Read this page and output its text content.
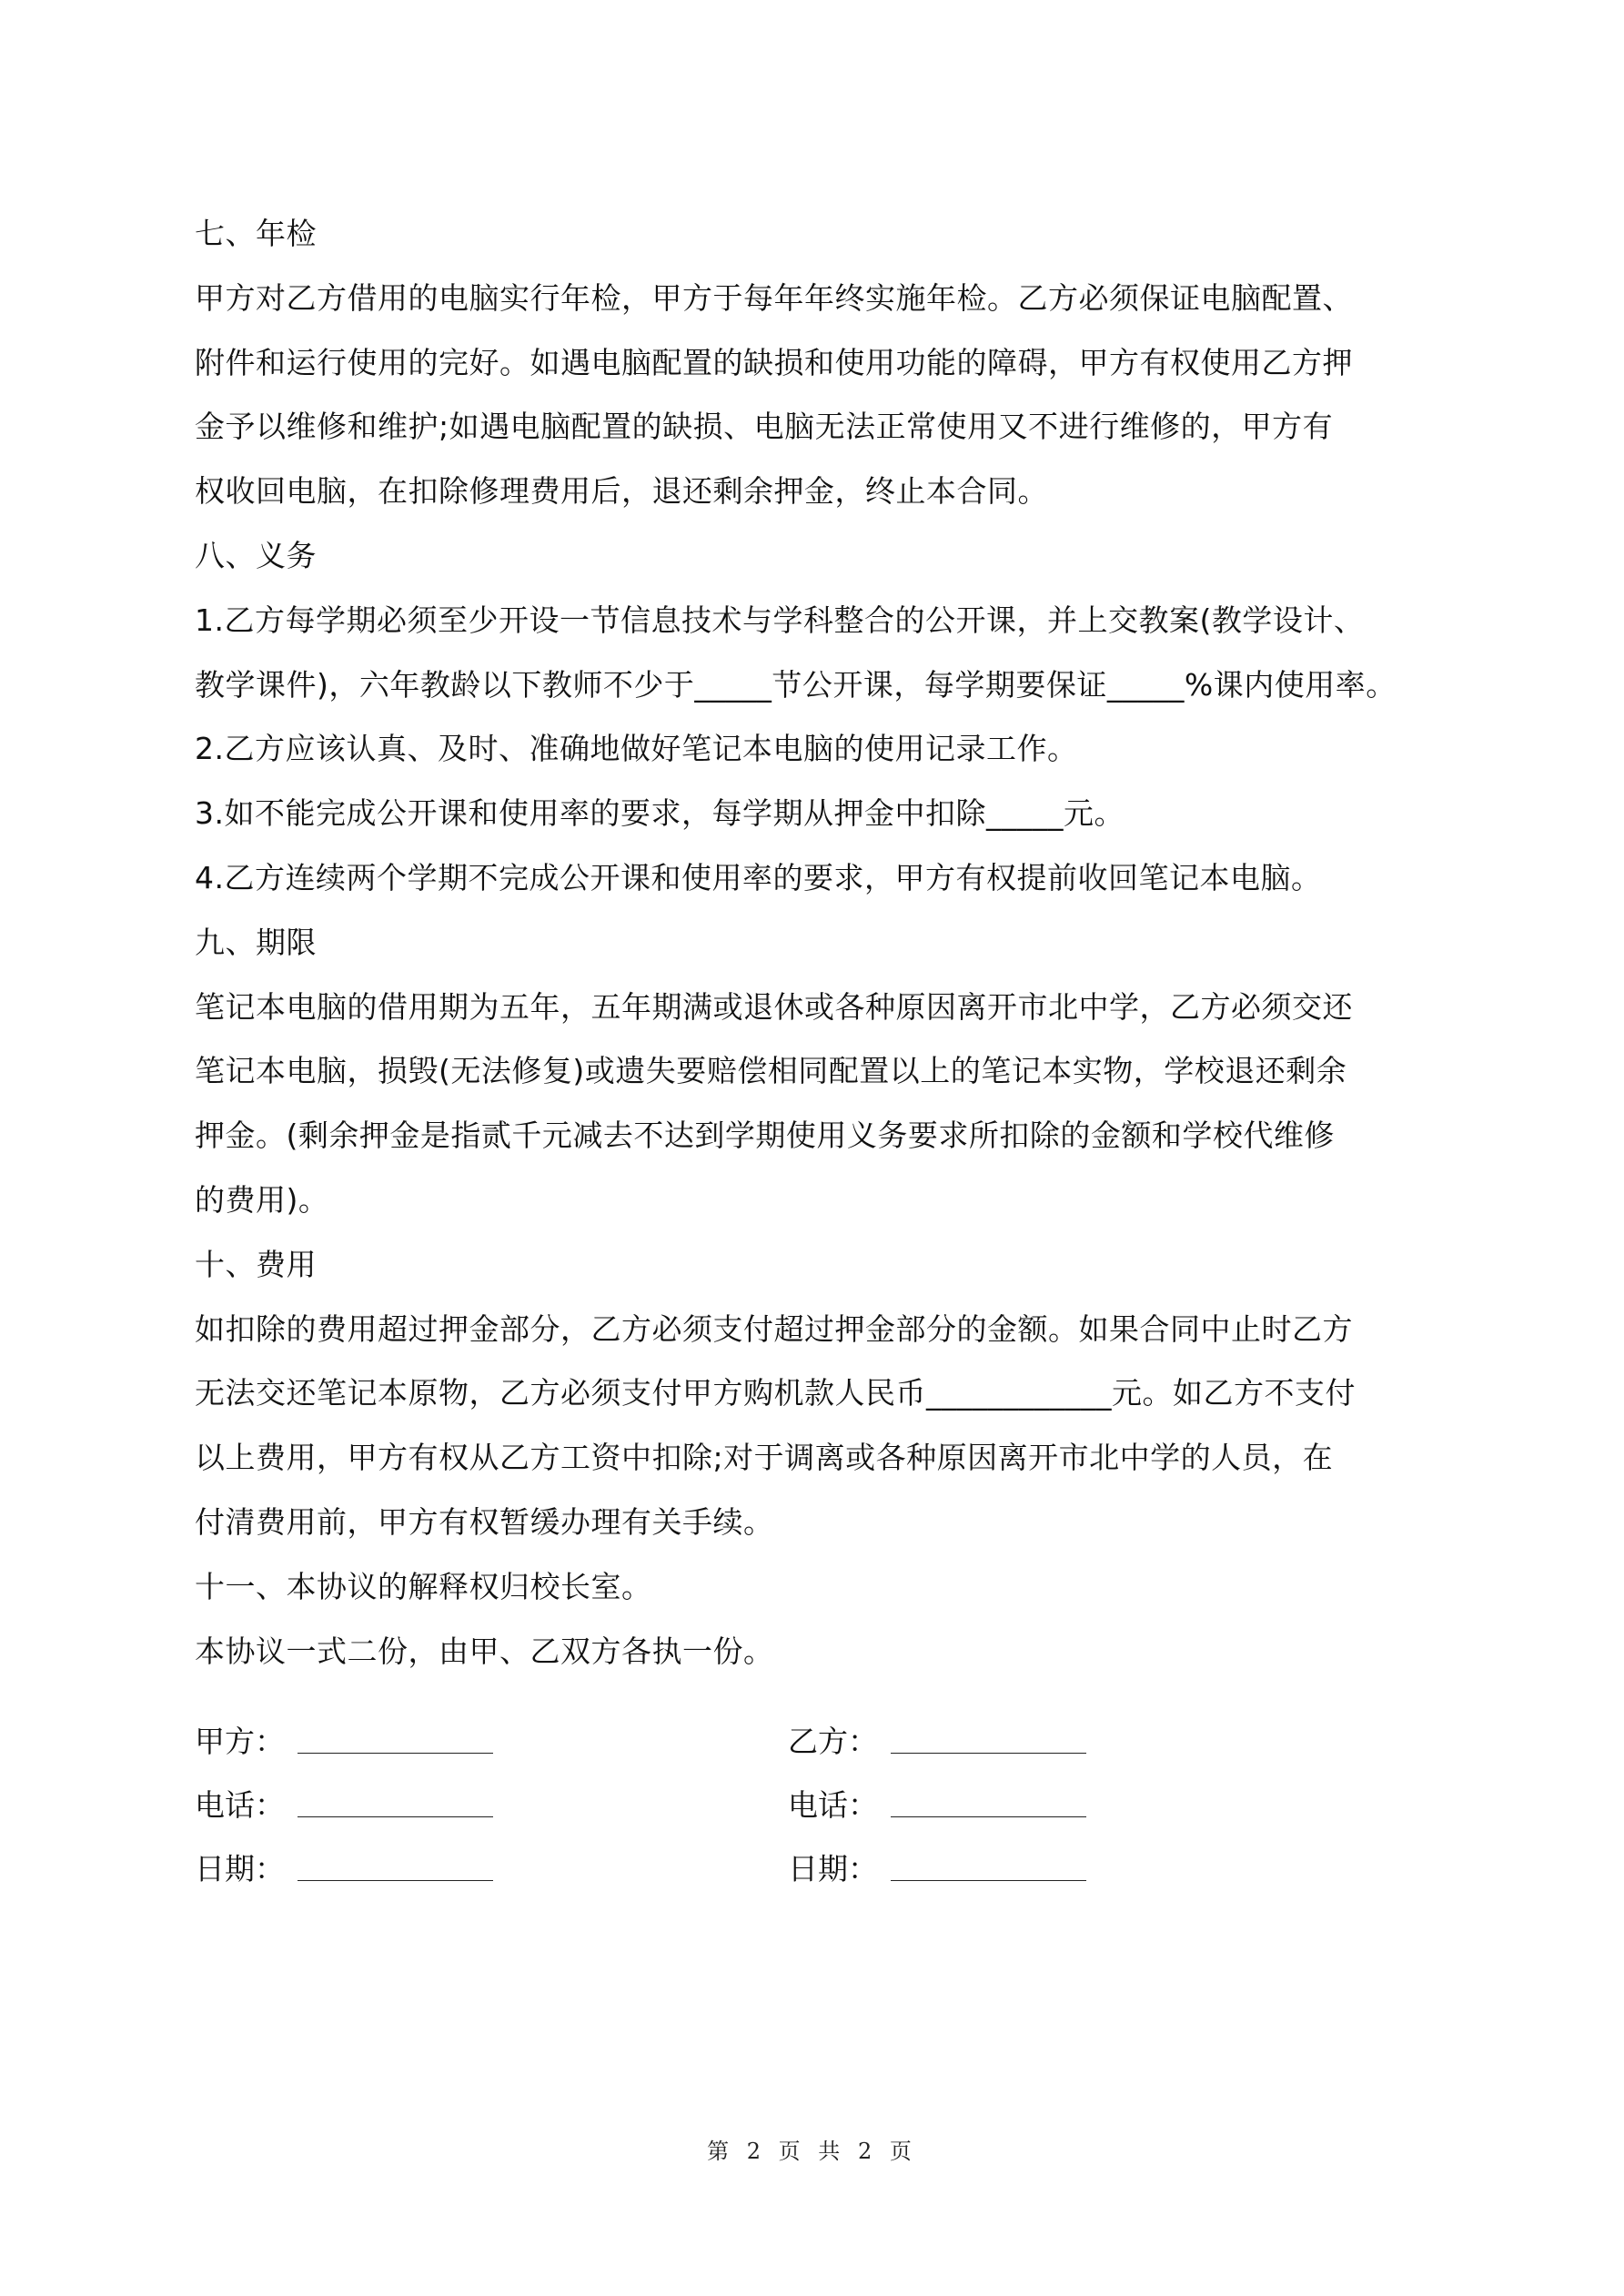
七、年检
甲方对乙方借用的电脑实行年检，甲方于每年年终实施年检。乙方必须保证电脑配置、
附件和运行使用的完好。如遇电脑配置的缺损和使用功能的障碍，甲方有权使用乙方押
金予以维修和维护;如遇电脑配置的缺损、电脑无法正常使用又不进行维修的，甲方有
权收回电脑，在扣除修理费用后，退还剩余押金，终止本合同。
八、义务
1.乙方每学期必须至少开设一节信息技术与学科整合的公开课，并上交教案(教学设计、
教学课件)，六年教龄以下教师不少于_____节公开课，每学期要保证_____%课内使用率。
2.乙方应该认真、及时、准确地做好笔记本电脑的使用记录工作。
3.如不能完成公开课和使用率的要求，每学期从押金中扣除_____元。
4.乙方连续两个学期不完成公开课和使用率的要求，甲方有权提前收回笔记本电脑。
九、期限
笔记本电脑的借用期为五年，五年期满或退休或各种原因离开市北中学，乙方必须交还
笔记本电脑，损毁(无法修复)或遗失要赔偿相同配置以上的笔记本实物，学校退还剩余
押金。(剩余押金是指贰千元减去不达到学期使用义务要求所扣除的金额和学校代维修
的费用)。
十、费用
如扣除的费用超过押金部分，乙方必须支付超过押金部分的金额。如果合同中止时乙方
无法交还笔记本原物，乙方必须支付甲方购机款人民币____________元。如乙方不支付
以上费用，甲方有权从乙方工资中扣除;对于调离或各种原因离开市北中学的人员，在
付清费用前，甲方有权暂缓办理有关手续。
十一、本协议的解释权归校长室。
本协议一式二份，由甲、乙双方各执一份。
甲方：	乙方：
电话：	电话：
日期：	日期：
第 2 页 共 2 页
